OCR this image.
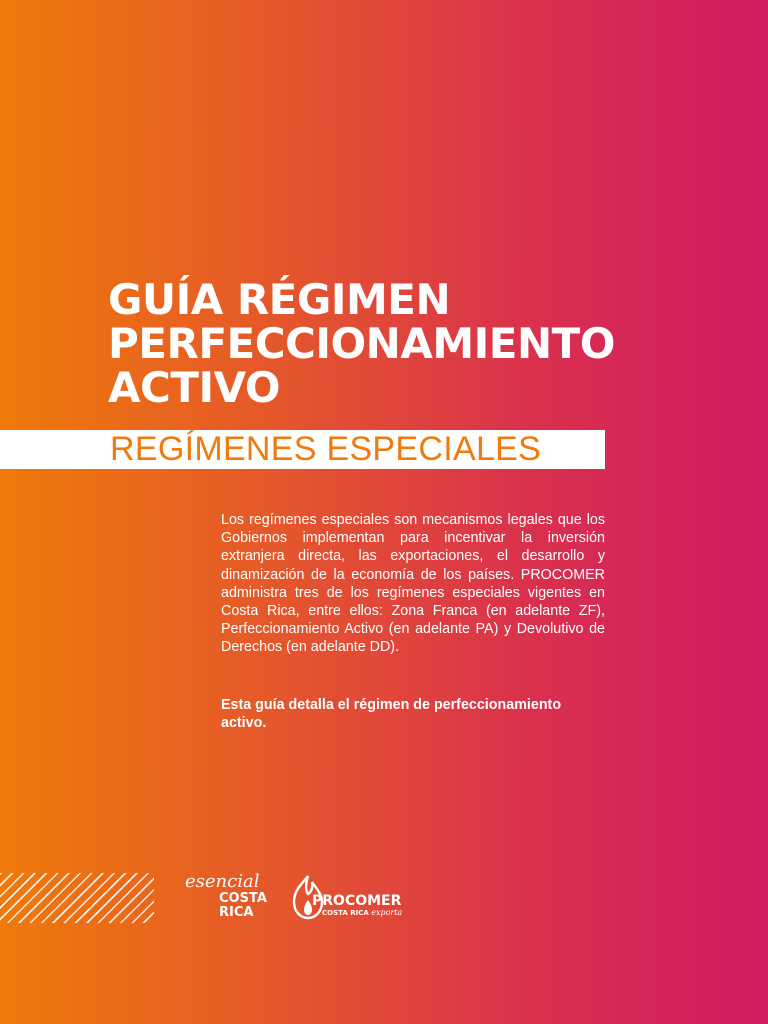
GUÍA RÉGIMEN
PERFECCIONAMIENTO
ACTIVO
REGÍMENES ESPECIALES

Los regímenes especiales son mecanismos legales que los Gobiernos implementan para incentivar la inversión extranjera directa, las exportaciones, el desarrollo y dinamización de la economía de los países. PROCOMER administra tres de los regímenes especiales vigentes en Costa Rica, entre ellos: Zona Franca (en adelante ZF), Perfeccionamiento Activo (en adelante PA) y Devolutivo de Derechos (en adelante DD).

Esta guía detalla el régimen de perfeccionamiento activo.

esencial
COSTA
RICA
PROCOMER
COSTA RICA exporta
